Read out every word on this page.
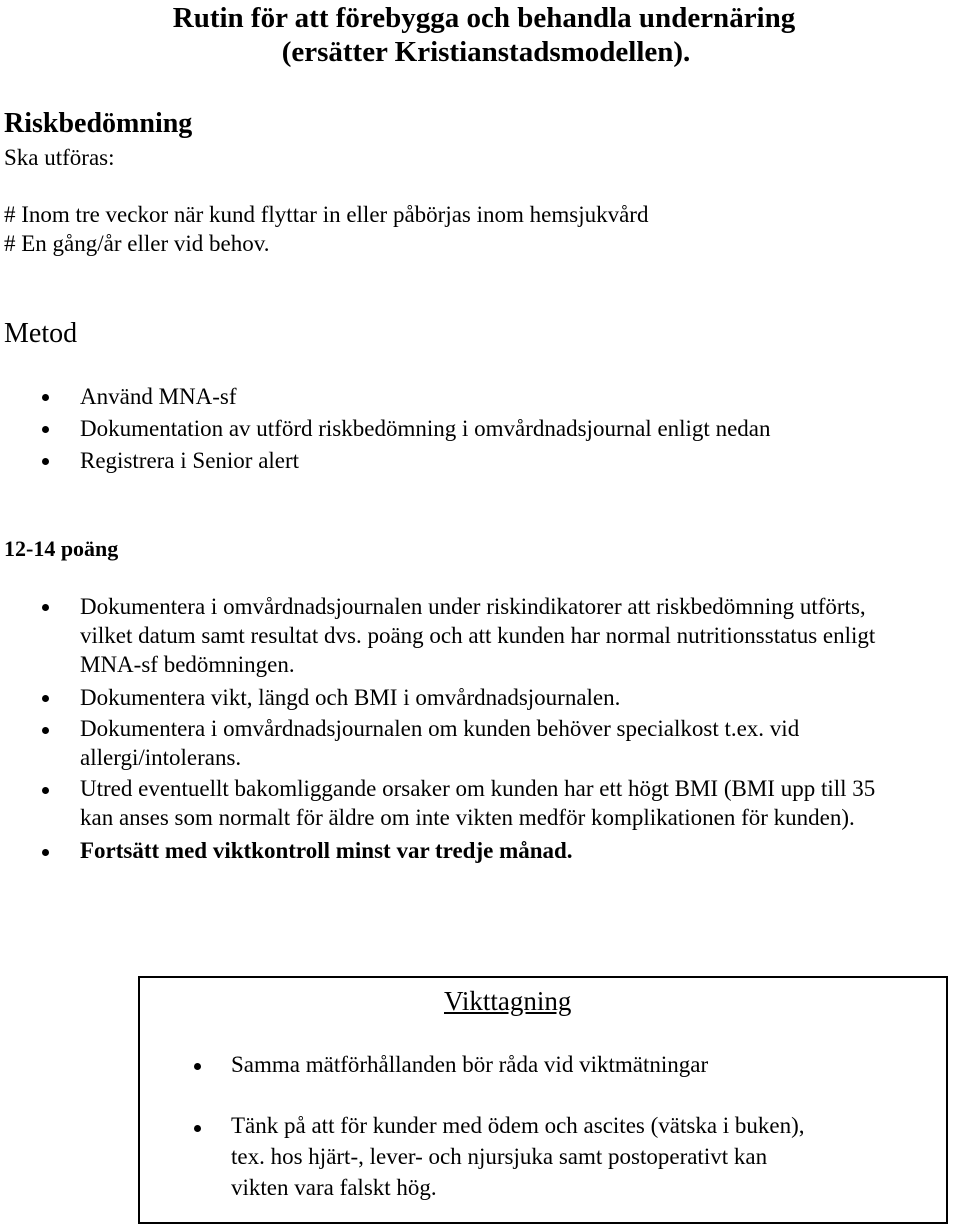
Rutin för att förebygga och behandla undernäring
(ersätter Kristianstadsmodellen).
Riskbedömning
Ska utföras:
# Inom tre veckor när kund flyttar in eller påbörjas inom hemsjukvård
# En gång/år eller vid behov.
Metod
Använd MNA-sf
Dokumentation av utförd riskbedömning i omvårdnadsjournal enligt nedan
Registrera i Senior alert
12-14 poäng
Dokumentera i omvårdnadsjournalen under riskindikatorer att riskbedömning utförts,
vilket datum samt resultat dvs. poäng och att kunden har normal nutritionsstatus enligt
MNA-sf bedömningen.
Dokumentera vikt, längd och BMI i omvårdnadsjournalen.
Dokumentera i omvårdnadsjournalen om kunden behöver specialkost t.ex. vid
allergi/intolerans.
Utred eventuellt bakomliggande orsaker om kunden har ett högt BMI (BMI upp till 35
kan anses som normalt för äldre om inte vikten medför komplikationen för kunden).
Fortsätt med viktkontroll minst var tredje månad.
Vikttagning
Samma mätförhållanden bör råda vid viktmätningar
Tänk på att för kunder med ödem och ascites (vätska i buken),
tex. hos hjärt-, lever- och njursjuka samt postoperativt kan
vikten vara falskt hög.
